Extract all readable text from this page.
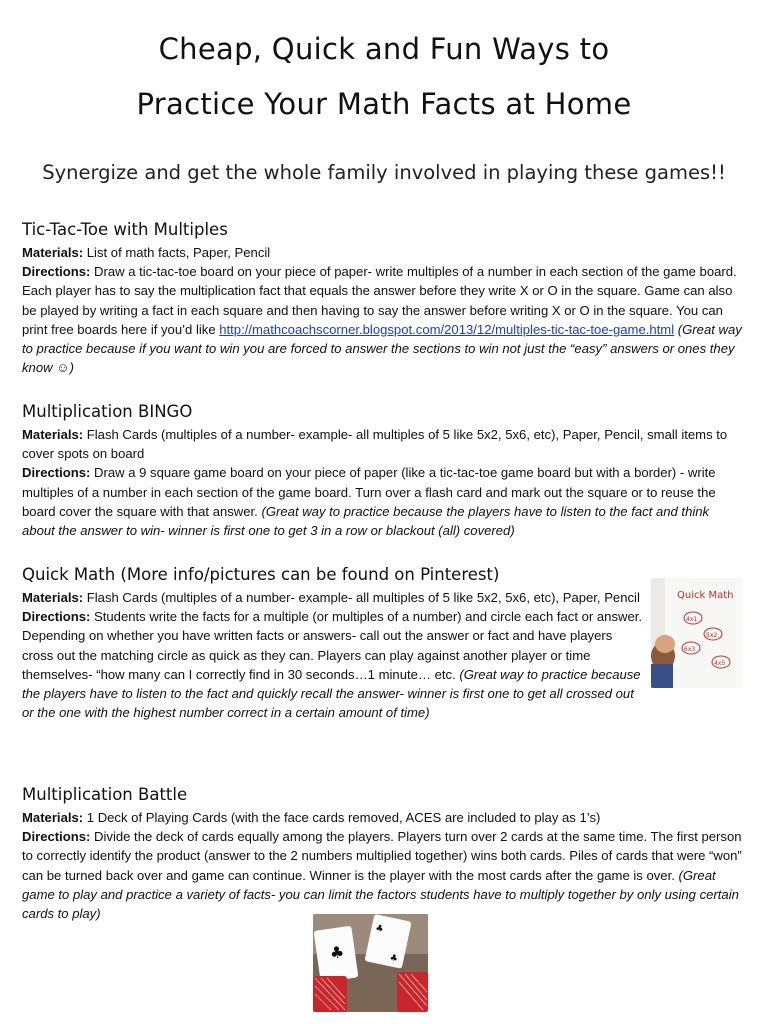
Cheap, Quick and Fun Ways to
Practice Your Math Facts at Home
Synergize and get the whole family involved in playing these games!!
Tic-Tac-Toe with Multiples
Materials: List of math facts, Paper, Pencil
Directions: Draw a tic-tac-toe board on your piece of paper- write multiples of a number in each section of the game board. Each player has to say the multiplication fact that equals the answer before they write X or O in the square. Game can also be played by writing a fact in each square and then having to say the answer before writing X or O in the square. You can print free boards here if you’d like http://mathcoachscorner.blogspot.com/2013/12/multiples-tic-tac-toe-game.html (Great way to practice because if you want to win you are forced to answer the sections to win not just the “easy” answers or ones they know ☺)
Multiplication BINGO
Materials: Flash Cards (multiples of a number- example- all multiples of 5 like 5x2, 5x6, etc), Paper, Pencil, small items to cover spots on board
Directions: Draw a 9 square game board on your piece of paper (like a tic-tac-toe game board but with a border) - write multiples of a number in each section of the game board. Turn over a flash card and mark out the square or to reuse the board cover the square with that answer. (Great way to practice because the players have to listen to the fact and think about the answer to win- winner is first one to get 3 in a row or blackout (all) covered)
Quick Math (More info/pictures can be found on Pinterest)
Materials: Flash Cards (multiples of a number- example- all multiples of 5 like 5x2, 5x6, etc), Paper, Pencil
Directions: Students write the facts for a multiple (or multiples of a number) and circle each fact or answer. Depending on whether you have written facts or answers- call out the answer or fact and have players cross out the matching circle as quick as they can. Players can play against another player or time themselves- “how many can I correctly find in 30 seconds…1 minute… etc. (Great way to practice because the players have to listen to the fact and quickly recall the answer- winner is first one to get all crossed out or the one with the highest number correct in a certain amount of time)
Quick Math
4x1
5x2
6x3
4x5
Multiplication Battle
Materials: 1 Deck of Playing Cards (with the face cards removed, ACES are included to play as 1’s)
Directions: Divide the deck of cards equally among the players. Players turn over 2 cards at the same time. The first person to correctly identify the product (answer to the 2 numbers multiplied together) wins both cards. Piles of cards that were “won” can be turned back over and game can continue. Winner is the player with the most cards after the game is over. (Great game to play and practice a variety of facts- you can limit the factors students have to multiply together by only using certain cards to play)
♣
♣
♣
